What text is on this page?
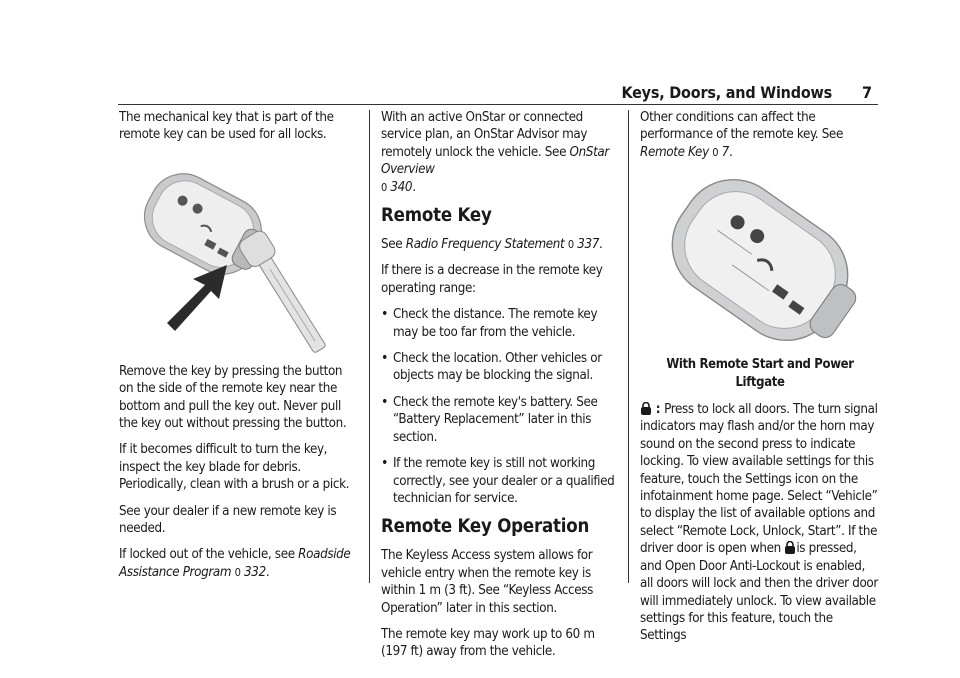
Keys, Doors, and Windows 7

The mechanical key that is part of the remote key can be used for all locks.

Remove the key by pressing the button on the side of the remote key near the bottom and pull the key out. Never pull the key out without pressing the button.

If it becomes difficult to turn the key, inspect the key blade for debris. Periodically, clean with a brush or a pick.

See your dealer if a new remote key is needed.

If locked out of the vehicle, see Roadside Assistance Program 0 332.

With an active OnStar or connected service plan, an OnStar Advisor may remotely unlock the vehicle. See OnStar Overview
0 340.

Remote Key

See Radio Frequency Statement 0 337.

If there is a decrease in the remote key operating range:

• Check the distance. The remote key may be too far from the vehicle.
• Check the location. Other vehicles or objects may be blocking the signal.
• Check the remote key's battery. See “Battery Replacement” later in this section.
• If the remote key is still not working correctly, see your dealer or a qualified technician for service.
Remote Key Operation

The Keyless Access system allows for vehicle entry when the remote key is within 1 m (3 ft). See “Keyless Access Operation” later in this section.

The remote key may work up to 60 m (197 ft) away from the vehicle.

Other conditions can affect the performance of the remote key. See Remote Key 0 7.

With Remote Start and Power Liftgate

: Press to lock all doors. The turn signal indicators may flash and/or the horn may sound on the second press to indicate locking. To view available settings for this feature, touch the Settings icon on the infotainment home page. Select “Vehicle” to display the list of available options and select “Remote Lock, Unlock, Start”. If the driver door is open when is pressed, and Open Door Anti-Lockout is enabled, all doors will lock and then the driver door will immediately unlock. To view available settings for this feature, touch the Settings
